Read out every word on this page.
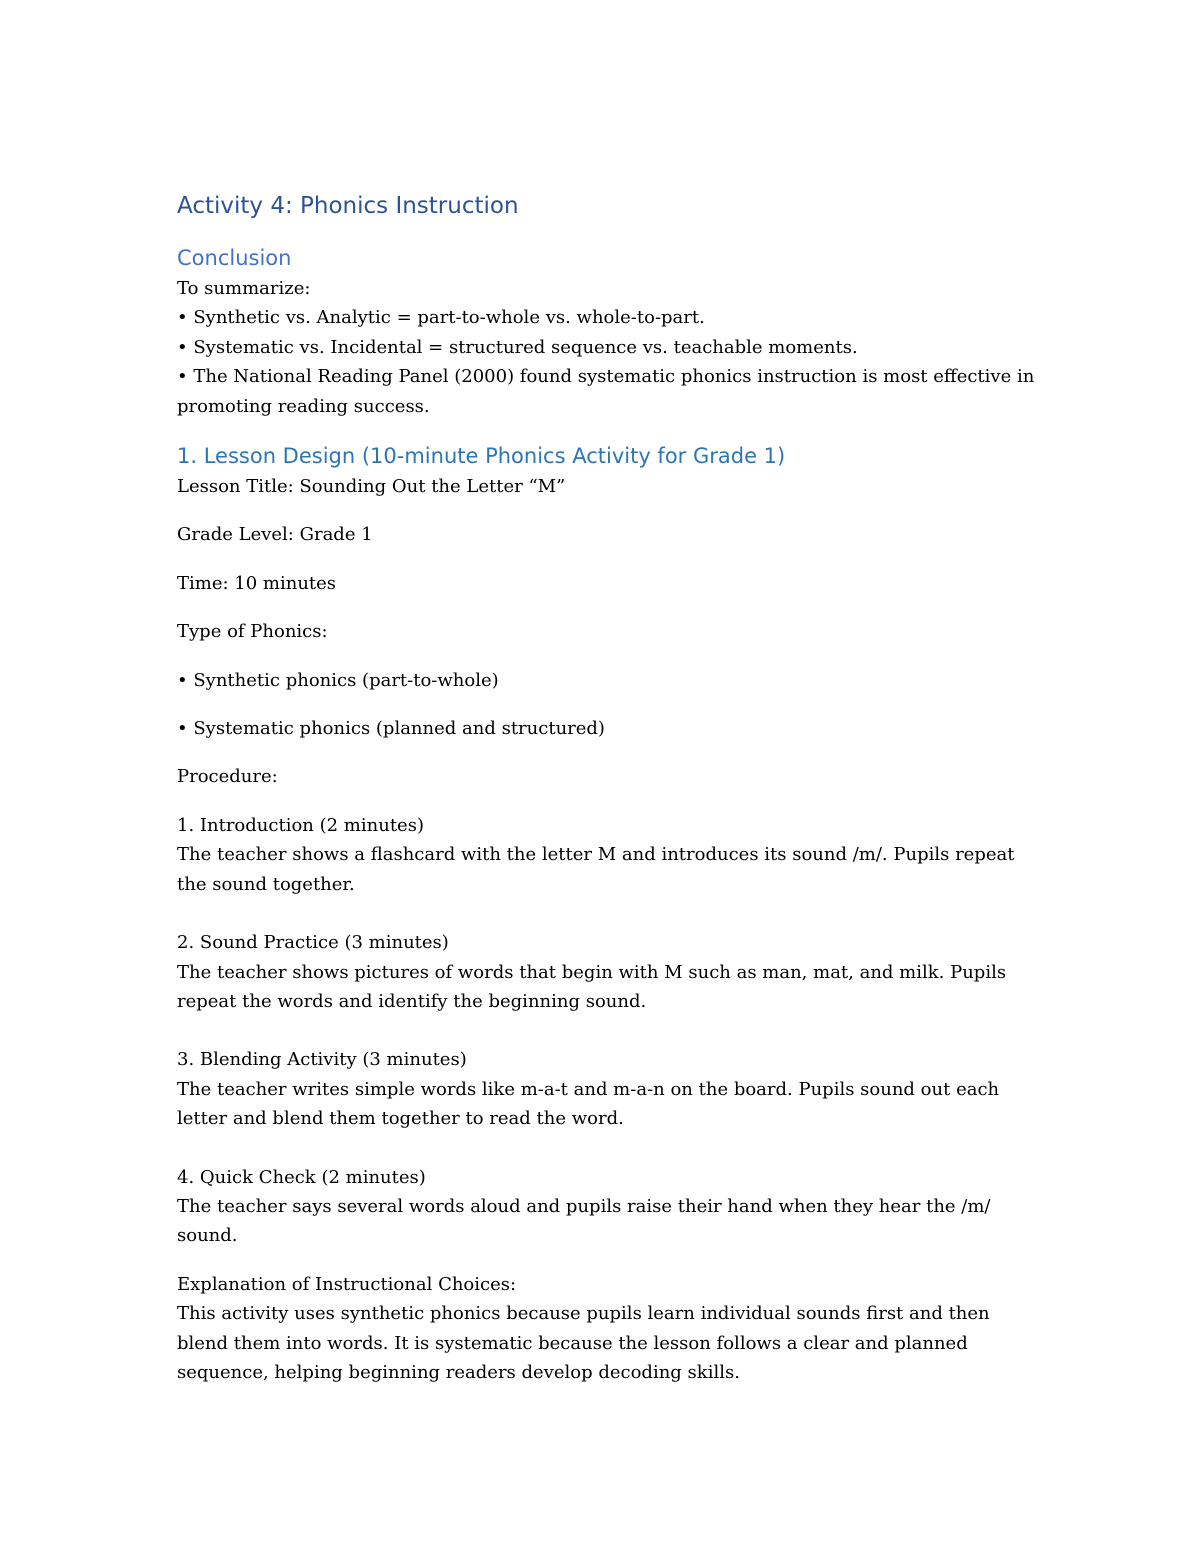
Activity 4: Phonics Instruction
Conclusion
To summarize:
• Synthetic vs. Analytic = part-to-whole vs. whole-to-part.
• Systematic vs. Incidental = structured sequence vs. teachable moments.
• The National Reading Panel (2000) found systematic phonics instruction is most effective in promoting reading success.
1. Lesson Design (10-minute Phonics Activity for Grade 1)
Lesson Title: Sounding Out the Letter “M”
Grade Level: Grade 1
Time: 10 minutes
Type of Phonics:
• Synthetic phonics (part-to-whole)
• Systematic phonics (planned and structured)
Procedure:
1. Introduction (2 minutes)
The teacher shows a flashcard with the letter M and introduces its sound /m/. Pupils repeat the sound together.
2. Sound Practice (3 minutes)
The teacher shows pictures of words that begin with M such as man, mat, and milk. Pupils repeat the words and identify the beginning sound.
3. Blending Activity (3 minutes)
The teacher writes simple words like m-a-t and m-a-n on the board. Pupils sound out each letter and blend them together to read the word.
4. Quick Check (2 minutes)
The teacher says several words aloud and pupils raise their hand when they hear the /m/ sound.
Explanation of Instructional Choices:
This activity uses synthetic phonics because pupils learn individual sounds first and then blend them into words. It is systematic because the lesson follows a clear and planned sequence, helping beginning readers develop decoding skills.
